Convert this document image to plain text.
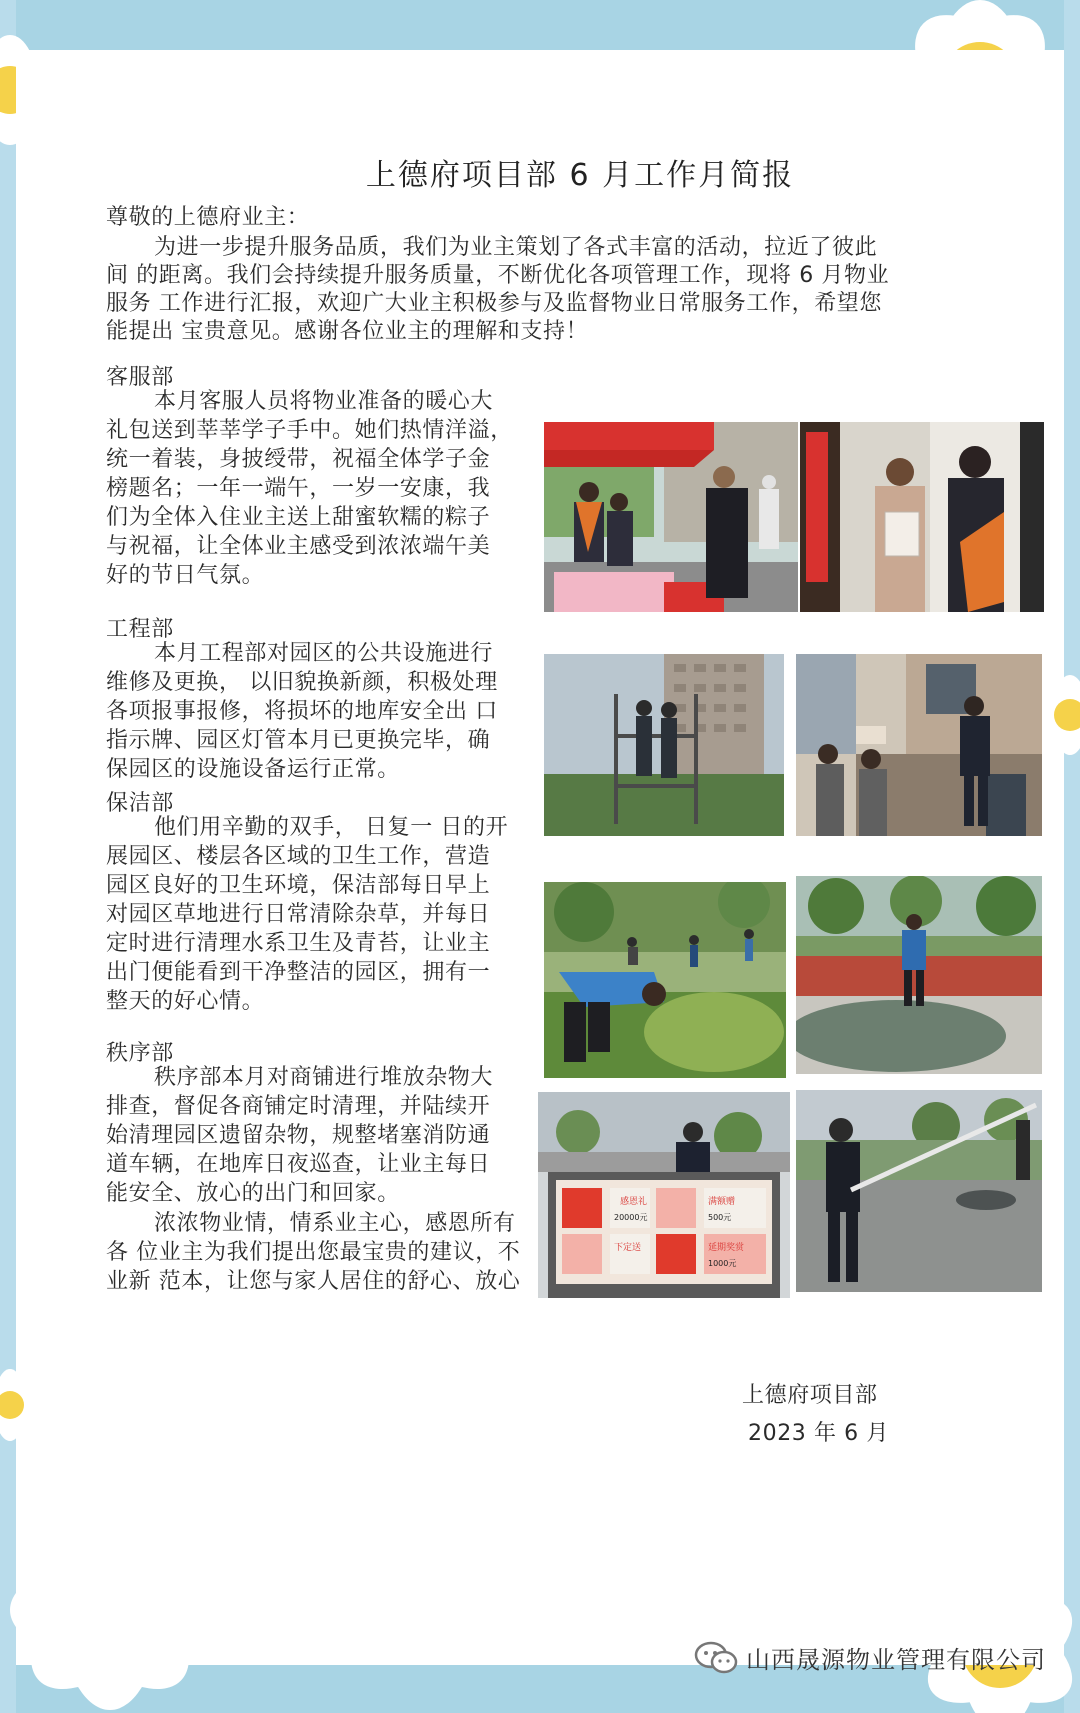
上德府项目部 6 月工作月简报
尊敬的上德府业主：
为进一步提升服务品质，我们为业主策划了各式丰富的活动，拉近了彼此
间 的距离。我们会持续提升服务质量，不断优化各项管理工作，现将 6 月物业
服务 工作进行汇报，欢迎广大业主积极参与及监督物业日常服务工作，希望您
能提出 宝贵意见。感谢各位业主的理解和支持！
客服部
本月客服人员将物业准备的暖心大
礼包送到莘莘学子手中。她们热情洋溢，
统一着装，身披绶带，祝福全体学子金
榜题名；一年一端午，一岁一安康，我
们为全体入住业主送上甜蜜软糯的粽子
与祝福，让全体业主感受到浓浓端午美
好的节日气氛。
工程部
本月工程部对园区的公共设施进行
维修及更换， 以旧貌换新颜，积极处理
各项报事报修，将损坏的地库安全出 口
指示牌、园区灯管本月已更换完毕，确
保园区的设施设备运行正常。
保洁部
他们用辛勤的双手， 日复一 日的开
展园区、楼层各区域的卫生工作，营造
园区良好的卫生环境，保洁部每日早上
对园区草地进行日常清除杂草，并每日
定时进行清理水系卫生及青苔，让业主
出门便能看到干净整洁的园区，拥有一
整天的好心情。
秩序部
秩序部本月对商铺进行堆放杂物大
排查，督促各商铺定时清理，并陆续开
始清理园区遗留杂物，规整堵塞消防通
道车辆，在地库日夜巡查，让业主每日
能安全、放心的出门和回家。
浓浓物业情，情系业主心，感恩所有
各 位业主为我们提出您最宝贵的建议，不
业新 范本，让您与家人居住的舒心、放心
感恩礼	满额赠
下定送	延期奖赏
20000元	500元
1000元
上德府项目部
2023 年 6 月
山西晟源物业管理有限公司
